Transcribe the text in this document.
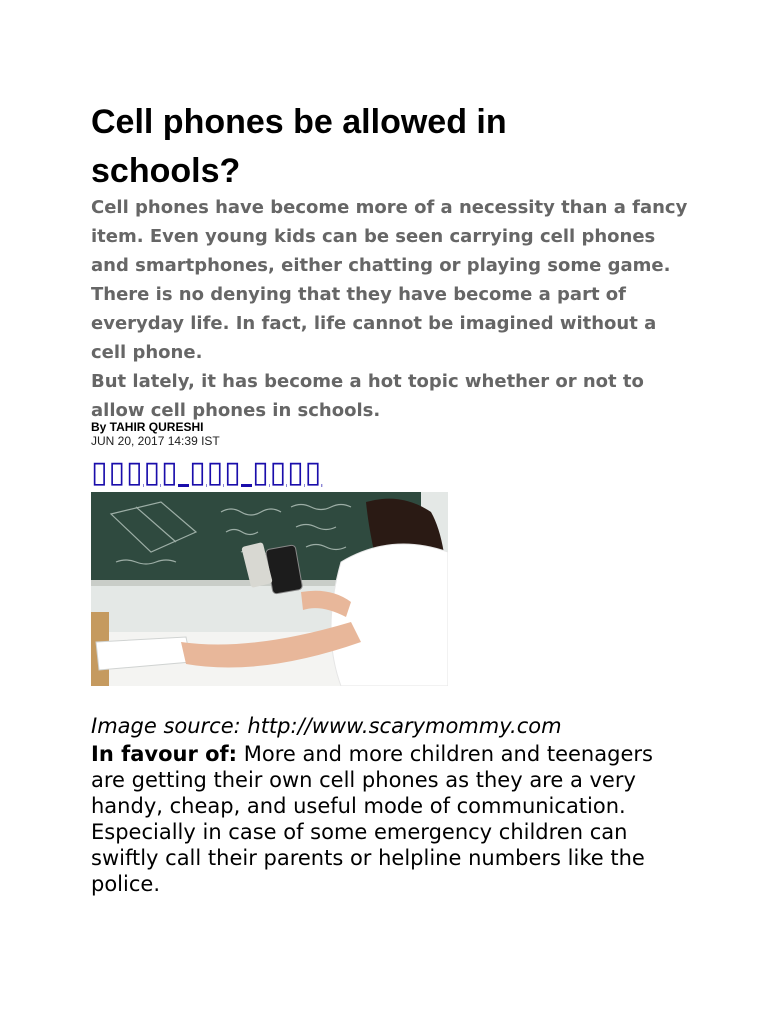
Cell phones be allowed in schools?

Cell phones have become more of a necessity than a fancy item. Even young kids can be seen carrying cell phones and smartphones, either chatting or playing some game. There is no denying that they have become a part of everyday life. In fact, life cannot be imagined without a cell phone.

But lately, it has become a hot topic whether or not to allow cell phones in schools.

By TAHIR QURESHI
JUN 20, 2017 14:39 IST
▯▯▯▯▯ ▯▯▯ ▯▯▯▯
Image source: http://www.scarymommy.com

In favour of: More and more children and teenagers are getting their own cell phones as they are a very handy, cheap, and useful mode of communication. Especially in case of some emergency children can swiftly call their parents or helpline numbers like the police.
